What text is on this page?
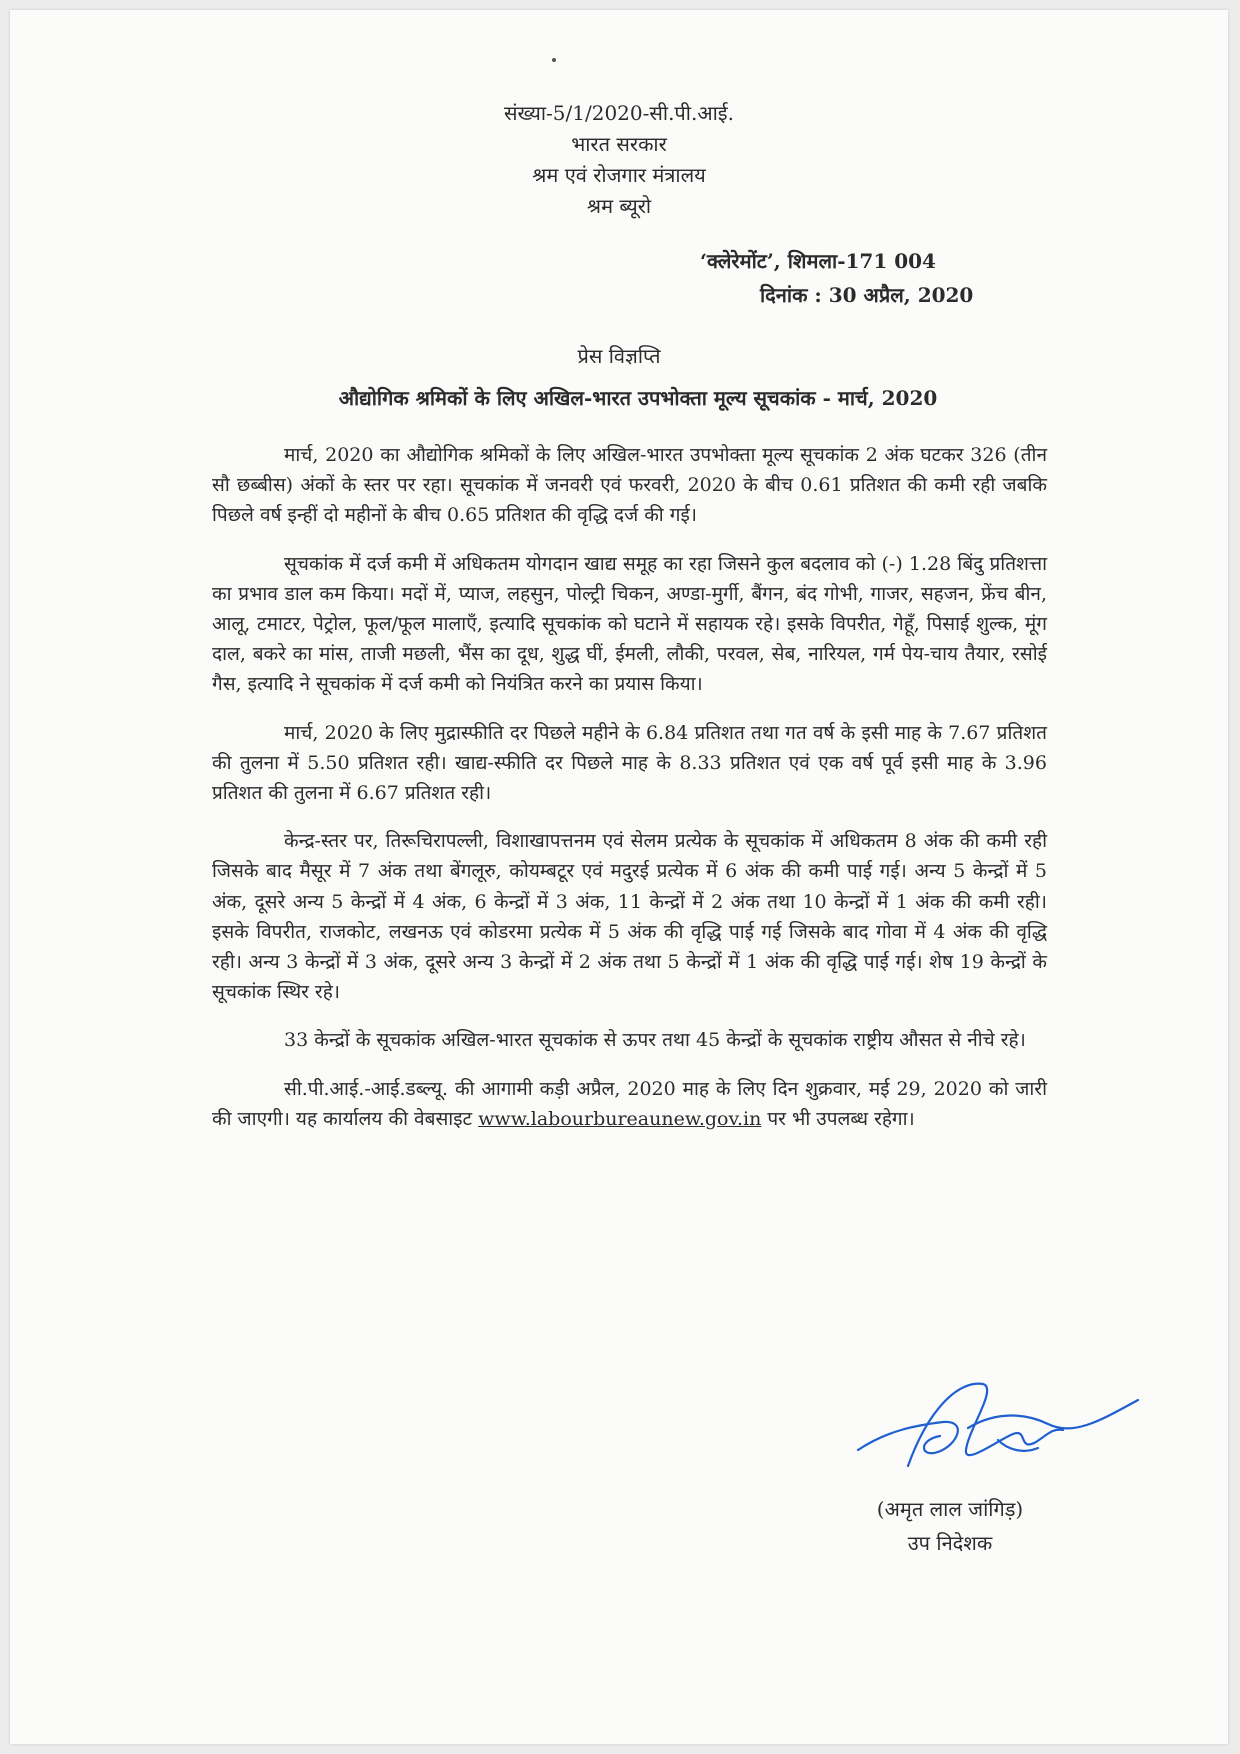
संख्या-5/1/2020-सी.पी.आई.
भारत सरकार
श्रम एवं रोजगार मंत्रालय
श्रम ब्यूरो
‘क्लेरेमोंट’, शिमला-171 004
दिनांक : 30 अप्रैल, 2020
प्रेस विज्ञप्ति
औद्योगिक श्रमिकों के लिए अखिल-भारत उपभोक्ता मूल्य सूचकांक - मार्च, 2020

मार्च, 2020 का औद्योगिक श्रमिकों के लिए अखिल-भारत उपभोक्ता मूल्य सूचकांक 2 अंक घटकर 326 (तीन सौ छब्बीस) अंकों के स्तर पर रहा। सूचकांक में जनवरी एवं फरवरी, 2020 के बीच 0.61 प्रतिशत की कमी रही जबकि पिछले वर्ष इन्हीं दो महीनों के बीच 0.65 प्रतिशत की वृद्धि दर्ज की गई।

सूचकांक में दर्ज कमी में अधिकतम योगदान खाद्य समूह का रहा जिसने कुल बदलाव को (-) 1.28 बिंदु प्रतिशत्ता का प्रभाव डाल कम किया। मदों में, प्याज, लहसुन, पोल्ट्री चिकन, अण्डा-मुर्गी, बैंगन, बंद गोभी, गाजर, सहजन, फ्रेंच बीन, आलू, टमाटर, पेट्रोल, फूल/फूल मालाएँ, इत्यादि सूचकांक को घटाने में सहायक रहे। इसके विपरीत, गेहूँ, पिसाई शुल्क, मूंग दाल, बकरे का मांस, ताजी मछली, भैंस का दूध, शुद्ध घीं, ईमली, लौकी, परवल, सेब, नारियल, गर्म पेय-चाय तैयार, रसोई गैस, इत्यादि ने सूचकांक में दर्ज कमी को नियंत्रित करने का प्रयास किया।

मार्च, 2020 के लिए मुद्रास्फीति दर पिछले महीने के 6.84 प्रतिशत तथा गत वर्ष के इसी माह के 7.67 प्रतिशत की तुलना में 5.50 प्रतिशत रही। खाद्य-स्फीति दर पिछले माह के 8.33 प्रतिशत एवं एक वर्ष पूर्व इसी माह के 3.96 प्रतिशत की तुलना में 6.67 प्रतिशत रही।

केन्द्र-स्तर पर, तिरूचिरापल्ली, विशाखापत्तनम एवं सेलम प्रत्येक के सूचकांक में अधिकतम 8 अंक की कमी रही जिसके बाद मैसूर में 7 अंक तथा बेंगलूरु, कोयम्बटूर एवं मदुरई प्रत्येक में 6 अंक की कमी पाई गई। अन्य 5 केन्द्रों में 5 अंक, दूसरे अन्य 5 केन्द्रों में 4 अंक, 6 केन्द्रों में 3 अंक, 11 केन्द्रों में 2 अंक तथा 10 केन्द्रों में 1 अंक की कमी रही। इसके विपरीत, राजकोट, लखनऊ एवं कोडरमा प्रत्येक में 5 अंक की वृद्धि पाई गई जिसके बाद गोवा में 4 अंक की वृद्धि रही। अन्य 3 केन्द्रों में 3 अंक, दूसरे अन्य 3 केन्द्रों में 2 अंक तथा 5 केन्द्रों में 1 अंक की वृद्धि पाई गई। शेष 19 केन्द्रों के सूचकांक स्थिर रहे।

33 केन्द्रों के सूचकांक अखिल-भारत सूचकांक से ऊपर तथा 45 केन्द्रों के सूचकांक राष्ट्रीय औसत से नीचे रहे।

सी.पी.आई.-आई.डब्ल्यू. की आगामी कड़ी अप्रैल, 2020 माह के लिए दिन शुक्रवार, मई 29, 2020 को जारी की जाएगी। यह कार्यालय की वेबसाइट www.labourbureaunew.gov.in पर भी उपलब्ध रहेगा।

(अमृत लाल जांगिड़)
उप निदेशक
